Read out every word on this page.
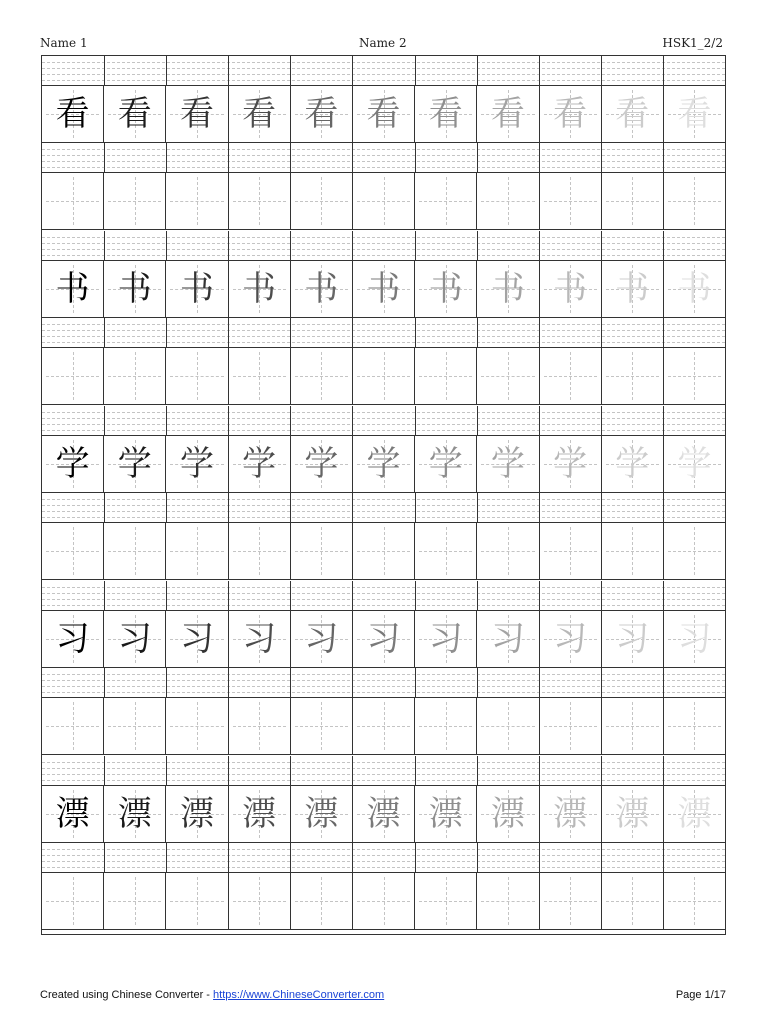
Name 1	Name 2	HSK1_2/2
看 看 看 看 看 看 看 看 看 看 看
书 书 书 书 书 书 书 书 书 书 书
学 学 学 学 学 学 学 学 学 学 学
习 习 习 习 习 习 习 习 习 习 习
漂 漂 漂 漂 漂 漂 漂 漂 漂 漂 漂
Created using Chinese Converter - https://www.ChineseConverter.com	Page 1/17
